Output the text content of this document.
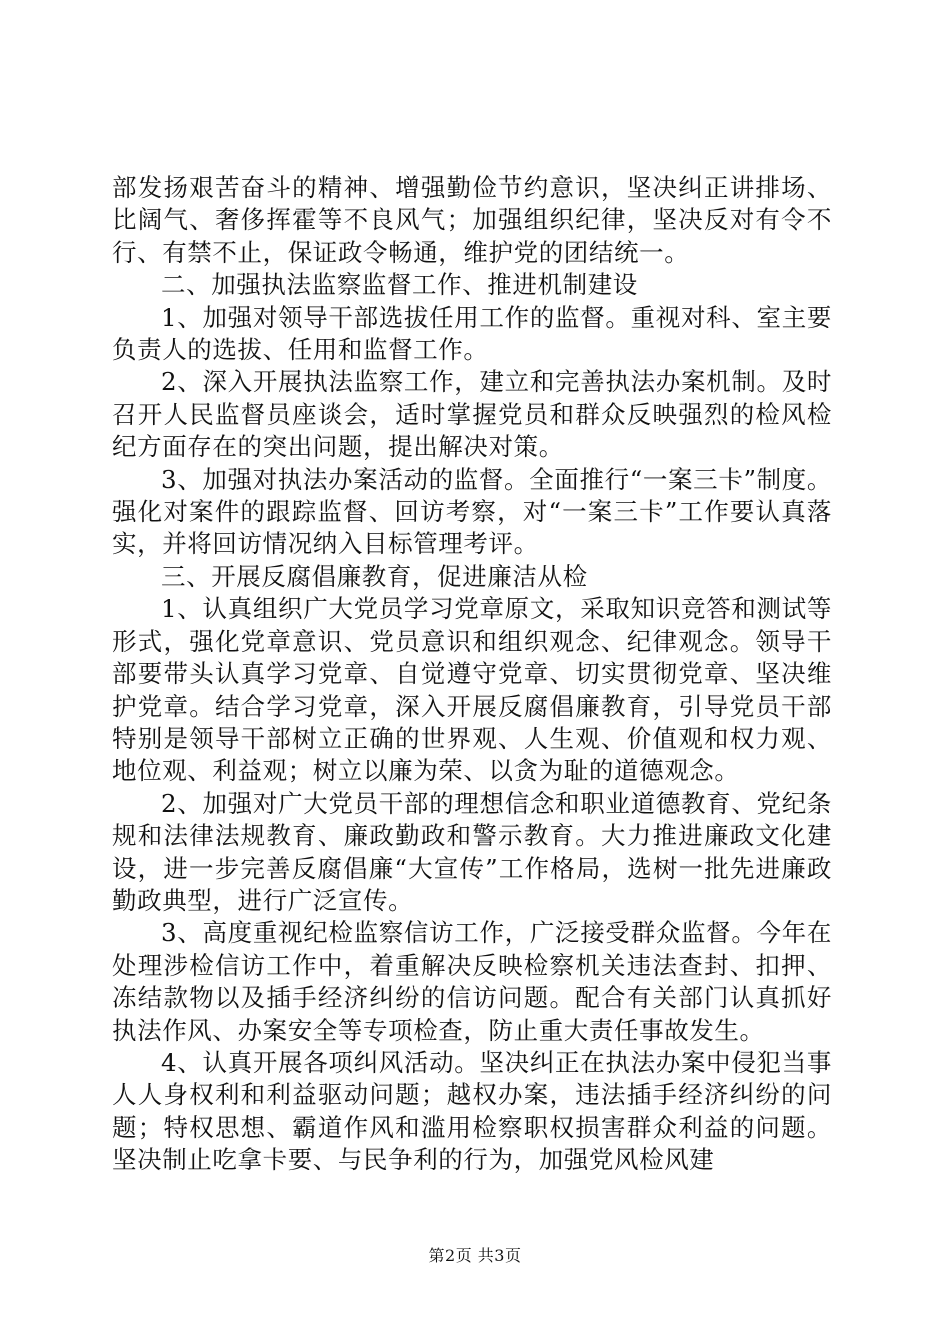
部发扬艰苦奋斗的精神、增强勤俭节约意识，坚决纠正讲排场、比阔气、奢侈挥霍等不良风气；加强组织纪律，坚决反对有令不行、有禁不止，保证政令畅通，维护党的团结统一。

二、加强执法监察监督工作、推进机制建设

1、加强对领导干部选拔任用工作的监督。重视对科、室主要负责人的选拔、任用和监督工作。

2、深入开展执法监察工作，建立和完善执法办案机制。及时召开人民监督员座谈会，适时掌握党员和群众反映强烈的检风检纪方面存在的突出问题，提出解决对策。

3、加强对执法办案活动的监督。全面推行“一案三卡”制度。强化对案件的跟踪监督、回访考察，对“一案三卡”工作要认真落实，并将回访情况纳入目标管理考评。

三、开展反腐倡廉教育，促进廉洁从检

1、认真组织广大党员学习党章原文，采取知识竞答和测试等形式，强化党章意识、党员意识和组织观念、纪律观念。领导干部要带头认真学习党章、自觉遵守党章、切实贯彻党章、坚决维护党章。结合学习党章，深入开展反腐倡廉教育，引导党员干部特别是领导干部树立正确的世界观、人生观、价值观和权力观、地位观、利益观；树立以廉为荣、以贪为耻的道德观念。

2、加强对广大党员干部的理想信念和职业道德教育、党纪条规和法律法规教育、廉政勤政和警示教育。大力推进廉政文化建设，进一步完善反腐倡廉“大宣传”工作格局，选树一批先进廉政勤政典型，进行广泛宣传。

3、高度重视纪检监察信访工作，广泛接受群众监督。今年在处理涉检信访工作中，着重解决反映检察机关违法查封、扣押、冻结款物以及插手经济纠纷的信访问题。配合有关部门认真抓好执法作风、办案安全等专项检查，防止重大责任事故发生。

4、认真开展各项纠风活动。坚决纠正在执法办案中侵犯当事人人身权利和利益驱动问题；越权办案，违法插手经济纠纷的问题；特权思想、霸道作风和滥用检察职权损害群众利益的问题。坚决制止吃拿卡要、与民争利的行为，加强党风检风建

第2页 共3页
